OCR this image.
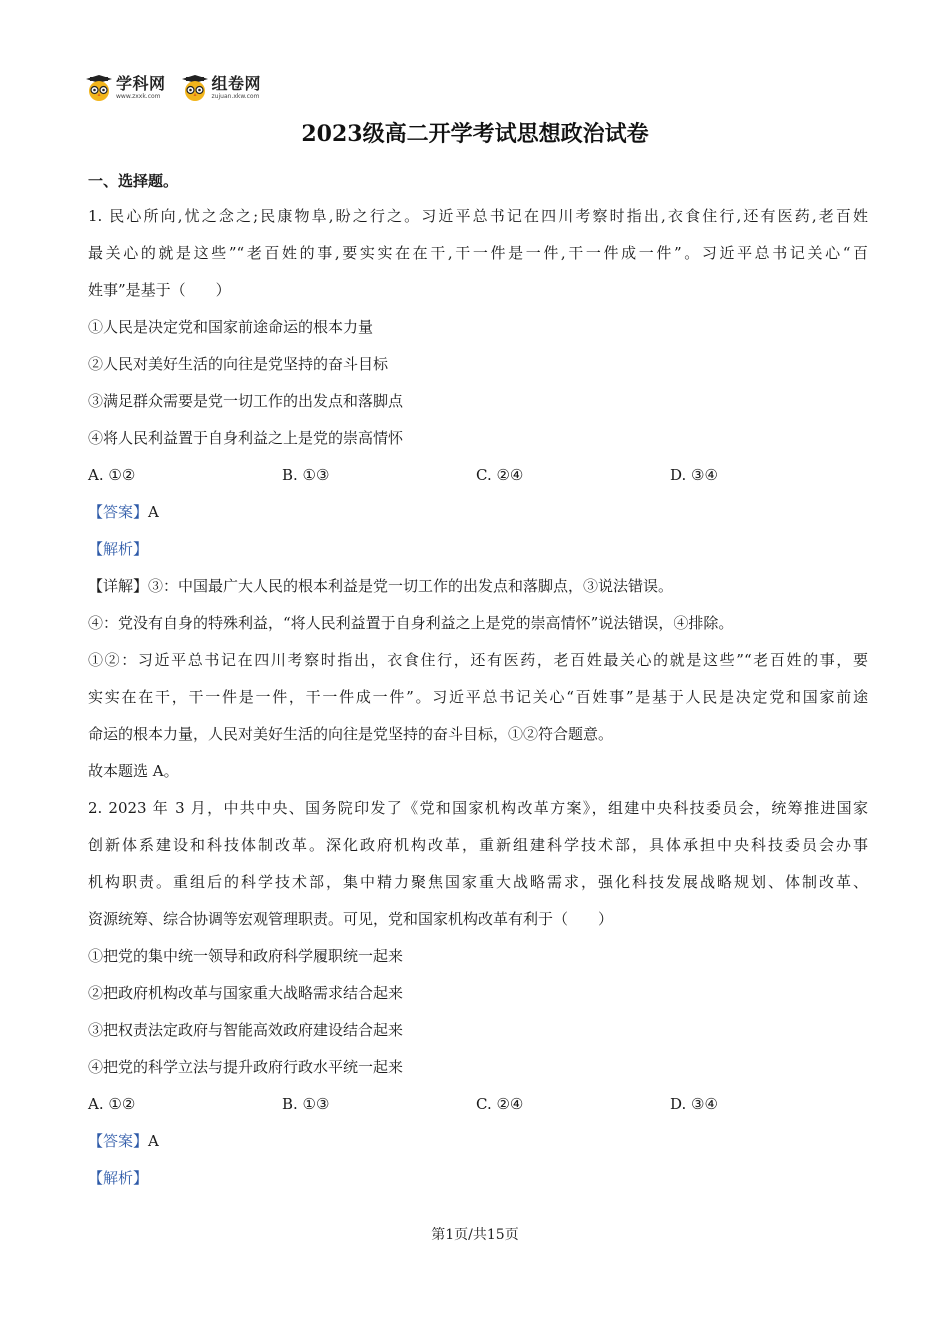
学科网
www.zxxk.com
组卷网
zujuan.xkw.com
2023级高二开学考试思想政治试卷
一、选择题。
1. 民心所向,忧之念之;民康物阜,盼之行之。习近平总书记在四川考察时指出,衣食住行,还有医药,老百姓
最关心的就是这些”“老百姓的事,要实实在在干,干一件是一件,干一件成一件”。习近平总书记关心“百
姓事”是基于（　　）
①人民是决定党和国家前途命运的根本力量
②人民对美好生活的向往是党坚持的奋斗目标
③满足群众需要是党一切工作的出发点和落脚点
④将人民利益置于自身利益之上是党的崇高情怀
A. ①②	B. ①③	C. ②④	D. ③④
【答案】A
【解析】
【详解】③：中国最广大人民的根本利益是党一切工作的出发点和落脚点，③说法错误。
④：党没有自身的特殊利益，“将人民利益置于自身利益之上是党的崇高情怀”说法错误，④排除。
①②：习近平总书记在四川考察时指出，衣食住行，还有医药，老百姓最关心的就是这些”“老百姓的事，要
实实在在干，干一件是一件，干一件成一件”。习近平总书记关心“百姓事”是基于人民是决定党和国家前途
命运的根本力量，人民对美好生活的向往是党坚持的奋斗目标，①②符合题意。
故本题选 A。
2. 2023 年 3 月，中共中央、国务院印发了《党和国家机构改革方案》，组建中央科技委员会，统筹推进国家
创新体系建设和科技体制改革。深化政府机构改革，重新组建科学技术部，具体承担中央科技委员会办事
机构职责。重组后的科学技术部，集中精力聚焦国家重大战略需求，强化科技发展战略规划、体制改革、
资源统筹、综合协调等宏观管理职责。可见，党和国家机构改革有利于（　　）
①把党的集中统一领导和政府科学履职统一起来
②把政府机构改革与国家重大战略需求结合起来
③把权责法定政府与智能高效政府建设结合起来
④把党的科学立法与提升政府行政水平统一起来
A. ①②	B. ①③	C. ②④	D. ③④
【答案】A
【解析】
第1页/共15页
